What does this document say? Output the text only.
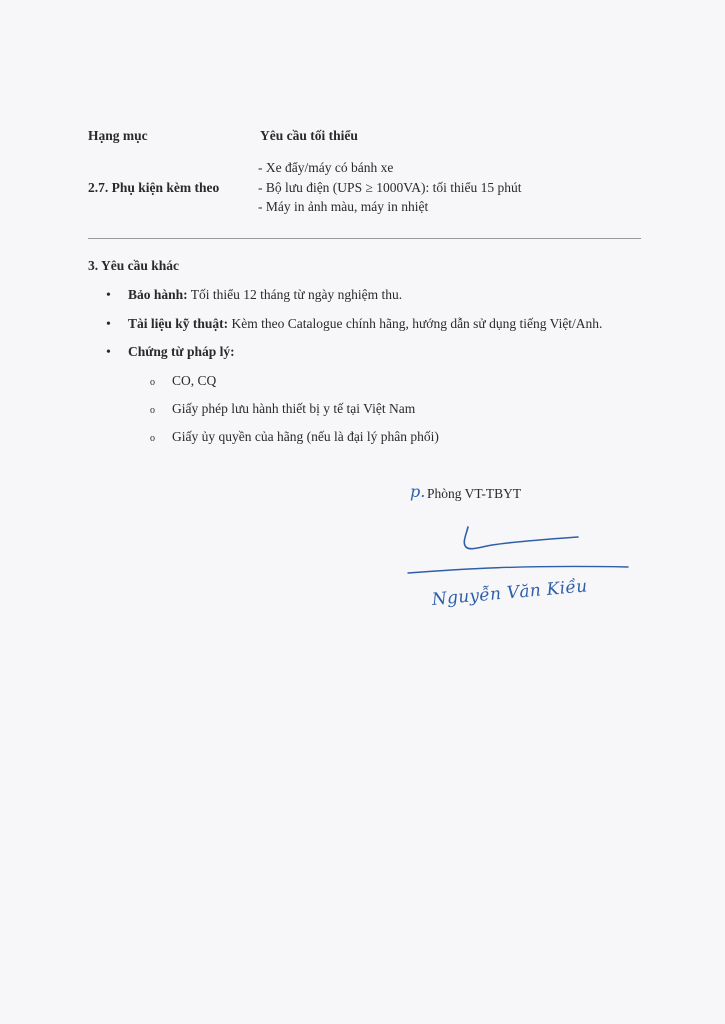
Hạng mục	Yêu cầu tối thiểu
2.7. Phụ kiện kèm theo
- Xe đẩy/máy có bánh xe
- Bộ lưu điện (UPS ≥ 1000VA): tối thiểu 15 phút
- Máy in ảnh màu, máy in nhiệt
3. Yêu cầu khác
•Bảo hành: Tối thiểu 12 tháng từ ngày nghiệm thu.
•Tài liệu kỹ thuật: Kèm theo Catalogue chính hãng, hướng dẫn sử dụng tiếng Việt/Anh.
•Chứng từ pháp lý:
o CO, CQ
o Giấy phép lưu hành thiết bị y tế tại Việt Nam
o Giấy ủy quyền của hãng (nếu là đại lý phân phối)
p. Phòng VT-TBYT
Nguyễn Văn Kiều
